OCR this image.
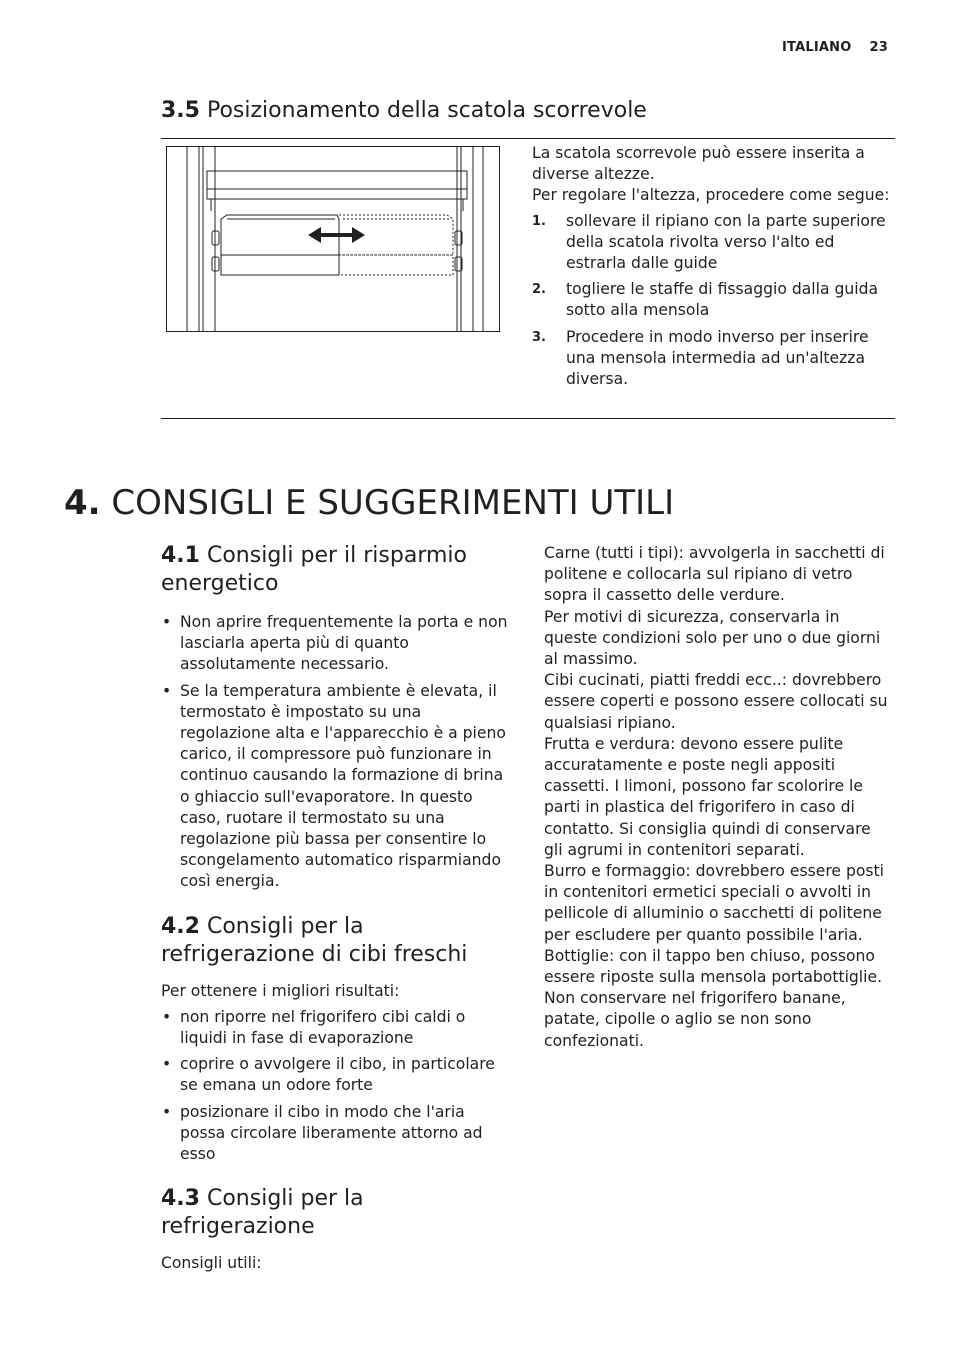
ITALIANO 23
3.5 Posizionamento della scatola scorrevole

La scatola scorrevole può essere inserita a diverse altezze.

Per regolare l'altezza, procedere come segue:

1. sollevare il ripiano con la parte superiore della scatola rivolta verso l'alto ed estrarla dalle guide
2. togliere le staffe di fissaggio dalla guida sotto alla mensola
3. Procedere in modo inverso per inserire una mensola intermedia ad un'altezza diversa.
4. CONSIGLI E SUGGERIMENTI UTILI
4.1 Consigli per il risparmio energetico
• Non aprire frequentemente la porta e non lasciarla aperta più di quanto assolutamente necessario.
• Se la temperatura ambiente è elevata, il termostato è impostato su una regolazione alta e l'apparecchio è a pieno carico, il compressore può funzionare in continuo causando la formazione di brina o ghiaccio sull'evaporatore. In questo caso, ruotare il termostato su una regolazione più bassa per consentire lo scongelamento automatico risparmiando così energia.
4.2 Consigli per la refrigerazione di cibi freschi

Per ottenere i migliori risultati:

• non riporre nel frigorifero cibi caldi o liquidi in fase di evaporazione
• coprire o avvolgere il cibo, in particolare se emana un odore forte
• posizionare il cibo in modo che l'aria possa circolare liberamente attorno ad esso
4.3 Consigli per la refrigerazione

Consigli utili:

Carne (tutti i tipi): avvolgerla in sacchetti di politene e collocarla sul ripiano di vetro sopra il cassetto delle verdure.

Per motivi di sicurezza, conservarla in queste condizioni solo per uno o due giorni al massimo.

Cibi cucinati, piatti freddi ecc..: dovrebbero essere coperti e possono essere collocati su qualsiasi ripiano.

Frutta e verdura: devono essere pulite accuratamente e poste negli appositi cassetti. I limoni, possono far scolorire le parti in plastica del frigorifero in caso di contatto. Si consiglia quindi di conservare gli agrumi in contenitori separati.

Burro e formaggio: dovrebbero essere posti in contenitori ermetici speciali o avvolti in pellicole di alluminio o sacchetti di politene per escludere per quanto possibile l'aria.

Bottiglie: con il tappo ben chiuso, possono essere riposte sulla mensola portabottiglie.

Non conservare nel frigorifero banane, patate, cipolle o aglio se non sono confezionati.
